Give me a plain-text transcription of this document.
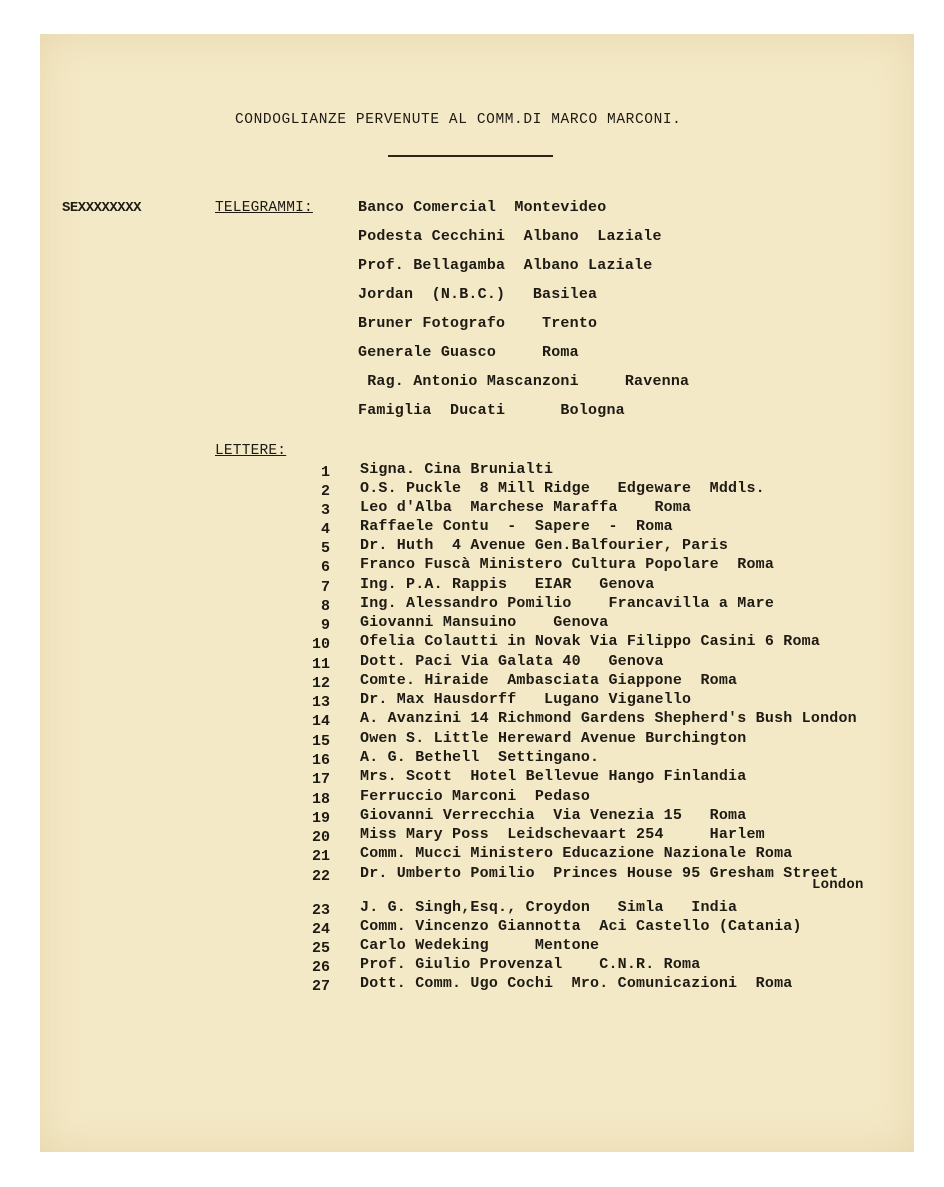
CONDOGLIANZE PERVENUTE AL COMM.DI MARCO MARCONI.
SEXXXXXXXX	TELEGRAMMI:	Banco Comercial  Montevideo
Podesta Cecchini  Albano  Laziale
Prof. Bellagamba  Albano Laziale
Jordan  (N.B.C.)   Basilea
Bruner Fotografo    Trento
Generale Guasco     Roma
Rag. Antonio Mascanzoni     Ravenna
Famiglia  Ducati      Bologna
LETTERE:
1 Signa. Cina Brunialti
2 O.S. Puckle  8 Mill Ridge   Edgeware  Mddls.
3 Leo d'Alba  Marchese Maraffa    Roma
4 Raffaele Contu  -  Sapere  -  Roma
5 Dr. Huth  4 Avenue Gen.Balfourier, Paris
6 Franco Fuscà Ministero Cultura Popolare  Roma
7 Ing. P.A. Rappis   EIAR   Genova
8 Ing. Alessandro Pomilio    Francavilla a Mare
9 Giovanni Mansuino    Genova
10 Ofelia Colautti in Novak Via Filippo Casini 6 Roma
11 Dott. Paci Via Galata 40   Genova
12 Comte. Hiraide  Ambasciata Giappone  Roma
13 Dr. Max Hausdorff   Lugano Viganello
14 A. Avanzini 14 Richmond Gardens Shepherd's Bush London
15 Owen S. Little Hereward Avenue Burchington
16 A. G. Bethell  Settingano.
17 Mrs. Scott  Hotel Bellevue Hango Finlandia
18 Ferruccio Marconi  Pedaso
19 Giovanni Verrecchia  Via Venezia 15   Roma
20 Miss Mary Poss  Leidschevaart 254     Harlem
21 Comm. Mucci Ministero Educazione Nazionale Roma
22 Dr. Umberto Pomilio  Princes House 95 Gresham Street
London
23 J. G. Singh,Esq., Croydon   Simla   India
24 Comm. Vincenzo Giannotta  Aci Castello (Catania)
25 Carlo Wedeking     Mentone
26 Prof. Giulio Provenzal    C.N.R. Roma
27 Dott. Comm. Ugo Cochi  Mro. Comunicazioni  Roma
